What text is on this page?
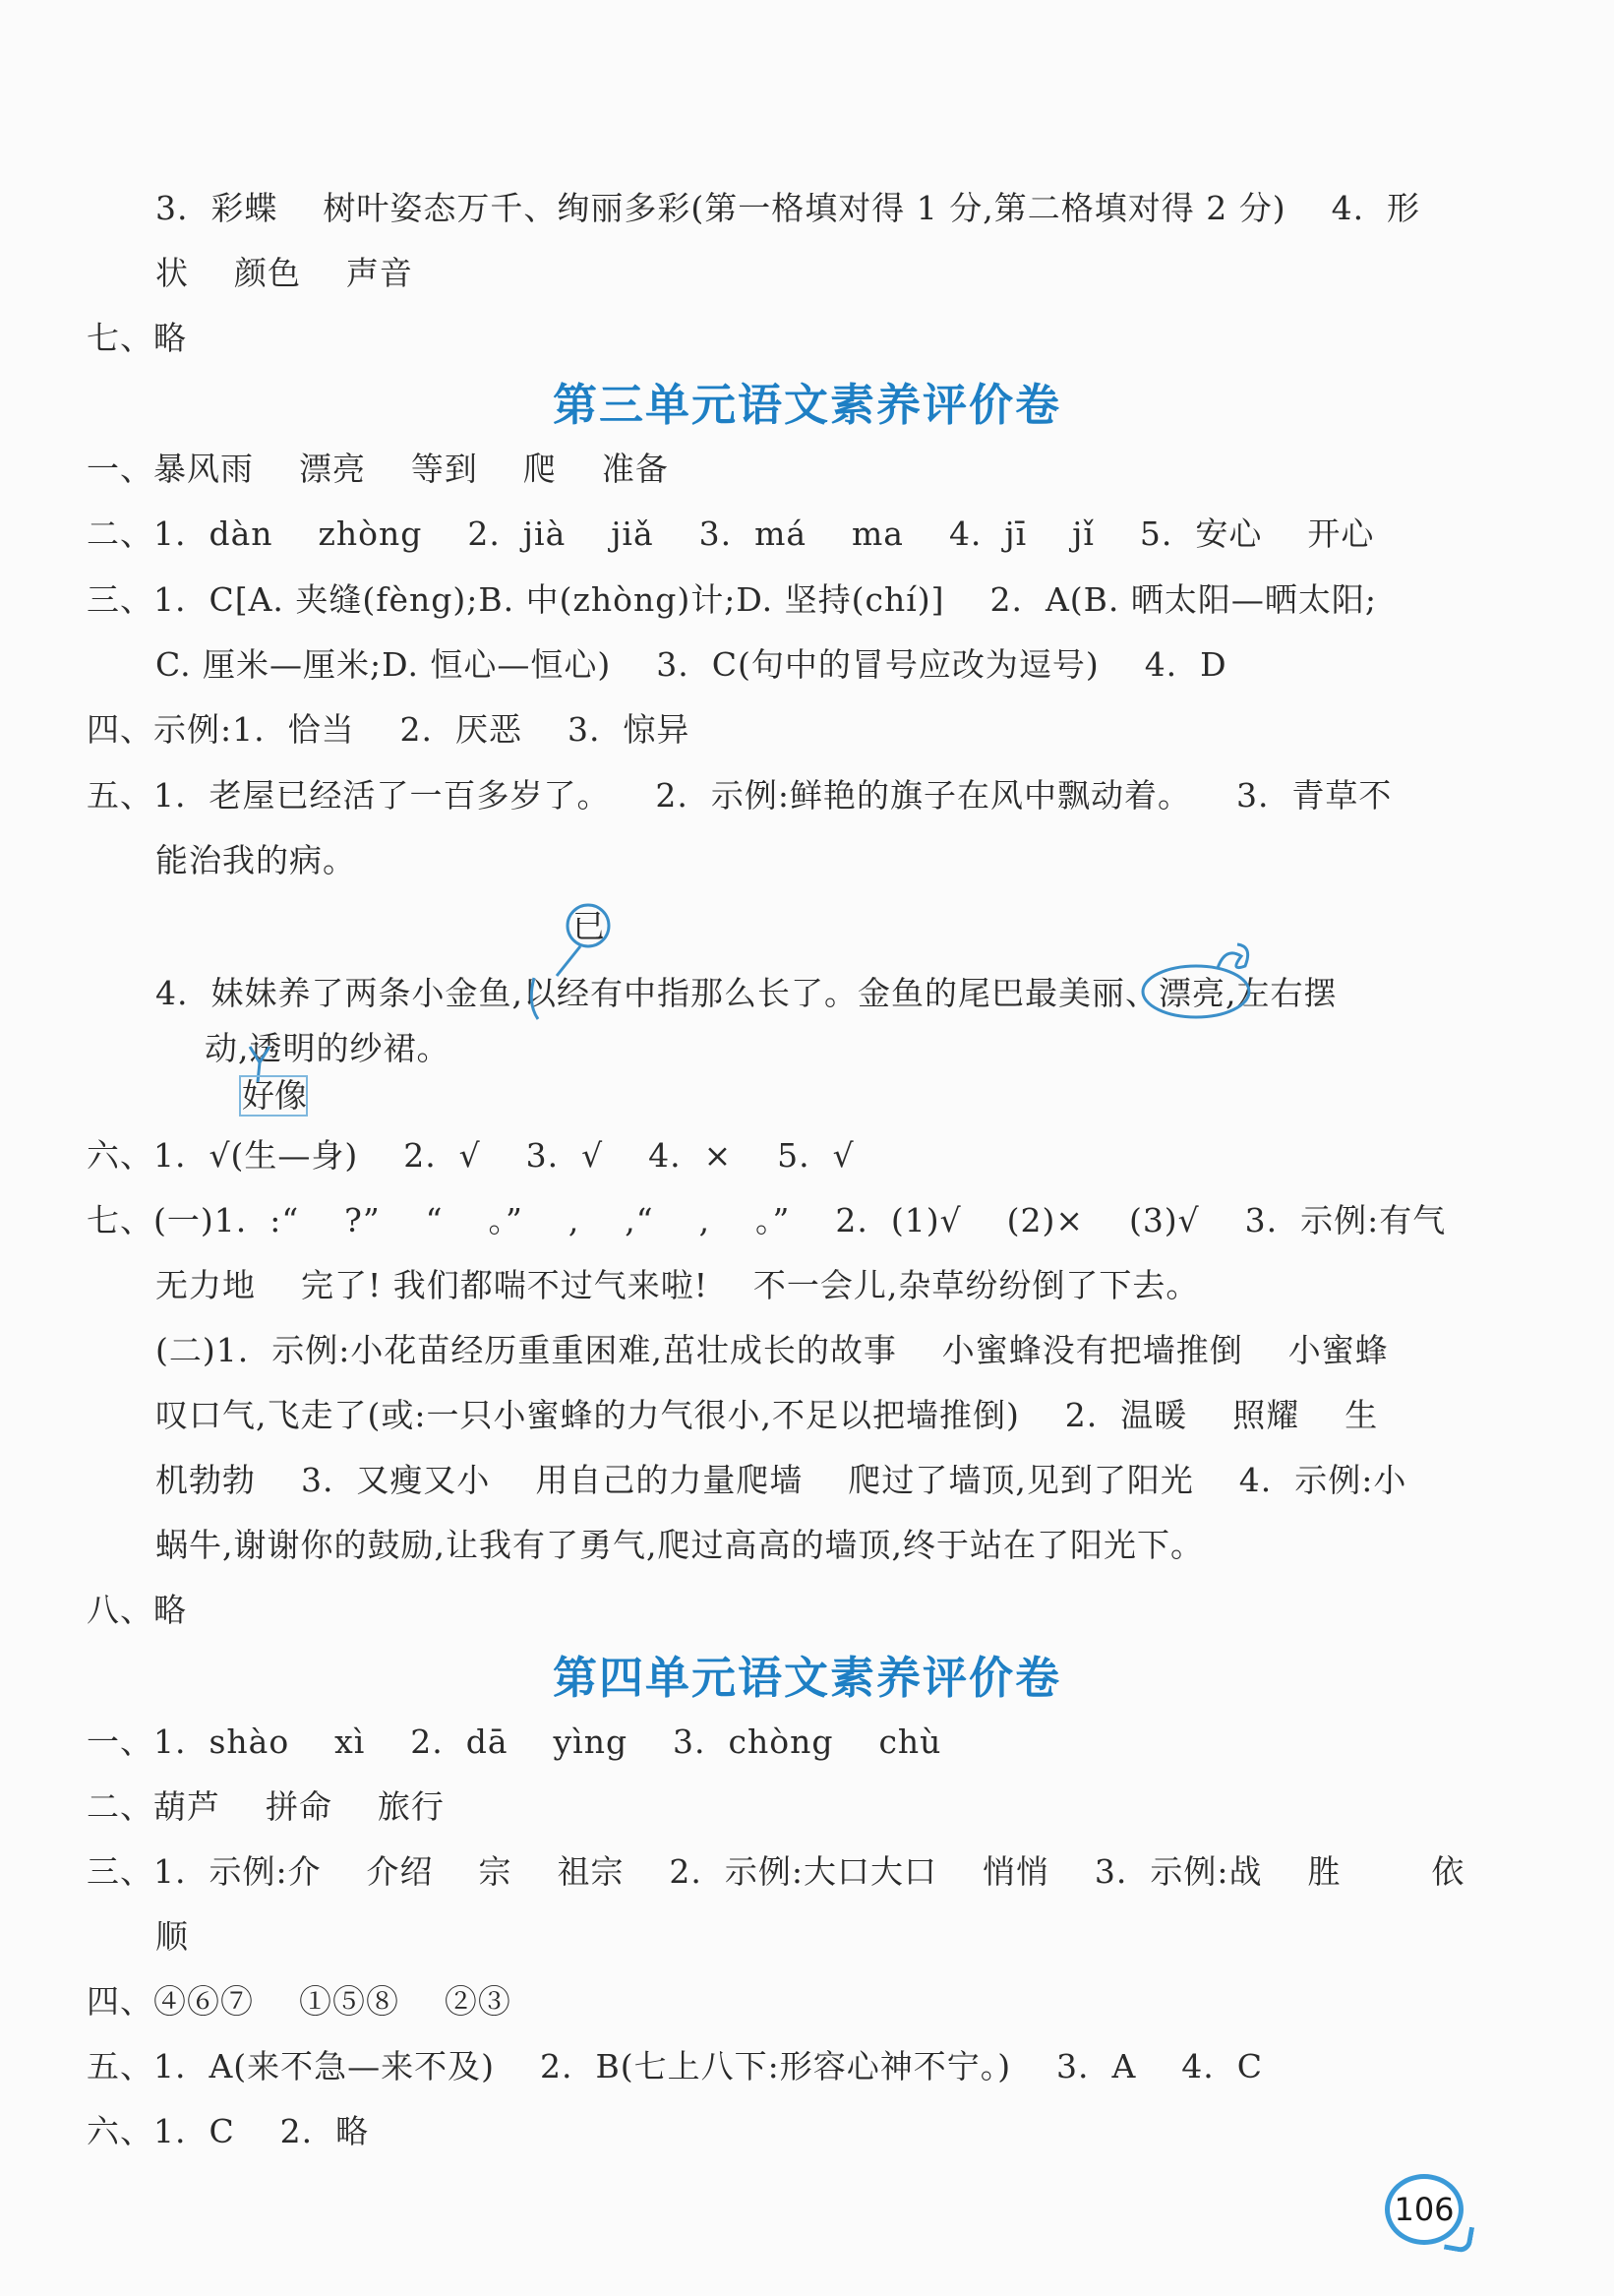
3.  彩蝶    树叶姿态万千、绚丽多彩(第一格填对得 1 分,第二格填对得 2 分)    4.  形
状    颜色    声音
七、略
第三单元语文素养评价卷
一、暴风雨    漂亮    等到    爬    准备
二、1.  dàn    zhòng    2.  jià    jiǎ    3.  má    ma    4.  jī    jǐ    5.  安心    开心
三、1.  C[A. 夹缝(fèng);B. 中(zhòng)计;D. 坚持(chí)]    2.  A(B. 晒太阳—晒太阳;
C. 厘米—厘米;D. 恒心—恒心)    3.  C(句中的冒号应改为逗号)    4.  D
四、示例:1.  恰当    2.  厌恶    3.  惊异
五、1.  老屋已经活了一百多岁了。    2.  示例:鲜艳的旗子在风中飘动着。    3.  青草不
能治我的病。
已
4.  妹妹养了两条小金鱼,以经有中指那么长了。金鱼的尾巴最美丽、漂亮,左右摆
动,透明的纱裙。
好像
六、1.  √(生—身)    2.  √    3.  √    4.  ×    5.  √
七、(一)1.  :“    ?”    “    。”    ,    ,“    ,    。”    2.  (1)√    (2)×    (3)√    3.  示例:有气
无力地    完了! 我们都喘不过气来啦!    不一会儿,杂草纷纷倒了下去。
(二)1.  示例:小花苗经历重重困难,茁壮成长的故事    小蜜蜂没有把墙推倒    小蜜蜂
叹口气,飞走了(或:一只小蜜蜂的力气很小,不足以把墙推倒)    2.  温暖    照耀    生
机勃勃    3.  又瘦又小    用自己的力量爬墙    爬过了墙顶,见到了阳光    4.  示例:小
蜗牛,谢谢你的鼓励,让我有了勇气,爬过高高的墙顶,终于站在了阳光下。
八、略
第四单元语文素养评价卷
一、1.  shào    xì    2.  dā    yìng    3.  chòng    chù
二、葫芦    拼命    旅行
三、1.  示例:介    介绍    宗    祖宗    2.  示例:大口大口    悄悄    3.  示例:战    胜        依
顺
四、④⑥⑦    ①⑤⑧    ②③
五、1.  A(来不急—来不及)    2.  B(七上八下:形容心神不宁。)    3.  A    4.  C
六、1.  C    2.  略
106
